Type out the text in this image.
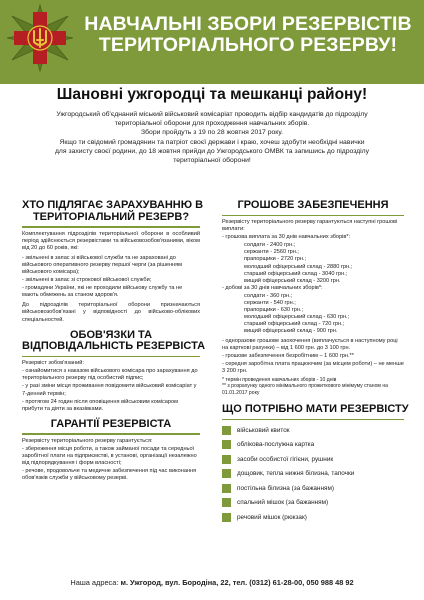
НАВЧАЛЬНІ ЗБОРИ РЕЗЕРВІСТІВ
ТЕРИТОРІАЛЬНОГО РЕЗЕРВУ!
Шановні ужгородці та мешканці району!

Ужгородський об'єднаний міський військовий комісаріат проводить відбір кандидатів до підрозділу

територіальної оборони для проходження навчальних зборів.

Збори пройдуть з 19 по 28 жовтня 2017 року.

Якщо ти свідомий громадянин та патріот своєї держави і краю, хочеш здобути необхідні навички

для захисту своєї родини, до 18 жовтня прийди до Ужгородського ОМВК та запишись до підрозділу

територіальної оборони!

ХТО ПІДЛЯГАЄ ЗАРАХУВАННЮ В
ТЕРИТОРІАЛЬНИЙ РЕЗЕРВ?
Комплектування підрозділів територіальної оборони в особливий період здійснюється резервістами та військовозобов'язаними, віком від 20 до 60 років, які:
- звільнені в запас зі військової служби та не зараховані до військового оперативного резерву першої черги (за рішенням військового комісара);
- звільнені в запас зі строкової військової служби;
- громадяни України, які не проходили військову службу та не мають обмежень за станом здоров'я.
До підрозділів територіальної оборони призначаються військовозобов'язані у відповідності до військово-облікових спеціальностей.
ОБОВ'ЯЗКИ ТА
ВІДПОВІДАЛЬНІСТЬ РЕЗЕРВІСТА
Резервіст зобов'язаний:
- ознайомитися з наказом військового комісара про зарахування до територіального резерву під особистий підпис;
- у разі зміни місця проживання повідомити військовий комісаріат у 7-денний термін;
- протягом 24 годин після оповіщення військовим комісаром прибути та діяти за вказівками.
ГАРАНТІЇ РЕЗЕРВІСТА
Резервісту територіального резерву гарантується:
- збереження місця роботи, а також займаної посади та середньої заробітної плати на підприємстві, в установі, організації незалежно від підпорядкування і форм власності;
- речове, продовольче та медичне забезпечення під час виконання обов'язків служби у військовому резерві.
ГРОШОВЕ ЗАБЕЗПЕЧЕННЯ
Резервісту територіального резерву гарантуються наступні грошові виплати:
- грошова виплата за 30 днів навчальних зборів*:
солдати - 2400 грн.;
сержанти - 2560 грн.;
прапорщики - 2720 грн.;
молодший офіцерський склад - 2880 грн.;
старший офіцерський склад - 3040 грн.;
вищий офіцерський склад - 3200 грн.
- добові за 30 днів навчальних зборів*:
солдати - 360 грн.;
сержанти - 540 грн.;
прапорщики - 630 грн.;
молодший офіцерський склад - 630 грн.;
старший офіцерський склад - 720 грн.;
вищий офіцерський склад - 900 грн.
- одноразове грошове заохочення (виплачується в наступному році на карткові рахунки) – від 1 600 грн. до 3 100 грн.
- грошове забезпечення безробітним – 1 600 грн.**
- середня заробітна плата працюючим (за місцем роботи) – не менше 3 200 грн.
* термін проведення навчальних зборів - 10 днів
** з розрахунку одного мінімального прожиткового мінімуму станом на 01.01.2017 року
ЩО ПОТРІБНО МАТИ РЕЗЕРВІСТУ
військовий квиток
облікова-послужна картка
засоби особистої гігієни, рушник
дощовик, тепла нижня білизна, тапочки
постільна білизна (за бажанням)
спальний мішок (за бажанням)
речовий мішок (рюкзак)
Наша адреса: м. Ужгород, вул. Бородіна, 22, тел. (0312) 61-28-00, 050 988 48 92
